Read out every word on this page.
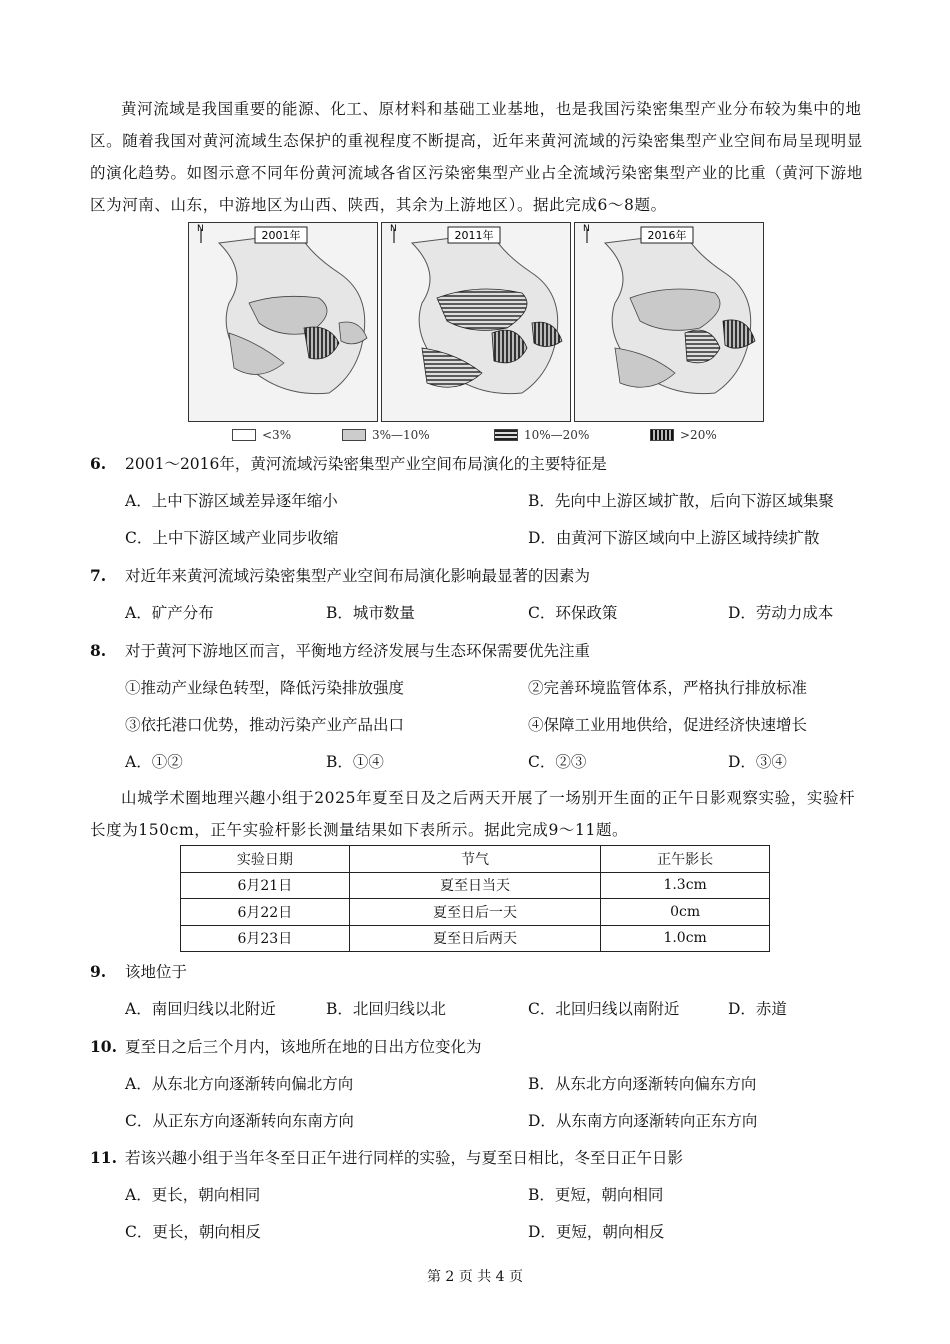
黄河流域是我国重要的能源、化工、原材料和基础工业基地，也是我国污染密集型产业分布较为集中的地区。随着我国对黄河流域生态保护的重视程度不断提高，近年来黄河流域的污染密集型产业空间布局呈现明显的演化趋势。如图示意不同年份黄河流域各省区污染密集型产业占全流域污染密集型产业的比重（黄河下游地区为河南、山东，中游地区为山西、陕西，其余为上游地区）。据此完成6～8题。

N	2001年	N	2011年	N	2016年
<3%	3%—10%	10%—20%	>20%
6. 2001～2016年，黄河流域污染密集型产业空间布局演化的主要特征是
A．上中下游区域差异逐年缩小	B．先向中上游区域扩散，后向下游区域集聚
C．上中下游区域产业同步收缩	D．由黄河下游区域向中上游区域持续扩散
7. 对近年来黄河流域污染密集型产业空间布局演化影响最显著的因素为
A．矿产分布	B．城市数量	C．环保政策	D．劳动力成本
8. 对于黄河下游地区而言，平衡地方经济发展与生态环保需要优先注重
①推动产业绿色转型，降低污染排放强度	②完善环境监管体系，严格执行排放标准
③依托港口优势，推动污染产业产品出口	④保障工业用地供给，促进经济快速增长
A．①②	B．①④	C．②③	D．③④

山城学术圈地理兴趣小组于2025年夏至日及之后两天开展了一场别开生面的正午日影观察实验，实验杆长度为150cm，正午实验杆影长测量结果如下表所示。据此完成9～11题。

实验日期	节气	正午影长
6月21日	夏至日当天	1.3cm
6月22日	夏至日后一天	0cm
6月23日	夏至日后两天	1.0cm
9. 该地位于
A．南回归线以北附近	B．北回归线以北	C．北回归线以南附近	D．赤道
10. 夏至日之后三个月内，该地所在地的日出方位变化为
A．从东北方向逐渐转向偏北方向	B．从东北方向逐渐转向偏东方向
C．从正东方向逐渐转向东南方向	D．从东南方向逐渐转向正东方向
11. 若该兴趣小组于当年冬至日正午进行同样的实验，与夏至日相比，冬至日正午日影
A．更长，朝向相同	B．更短，朝向相同
C．更长，朝向相反	D．更短，朝向相反
第 2 页 共 4 页
